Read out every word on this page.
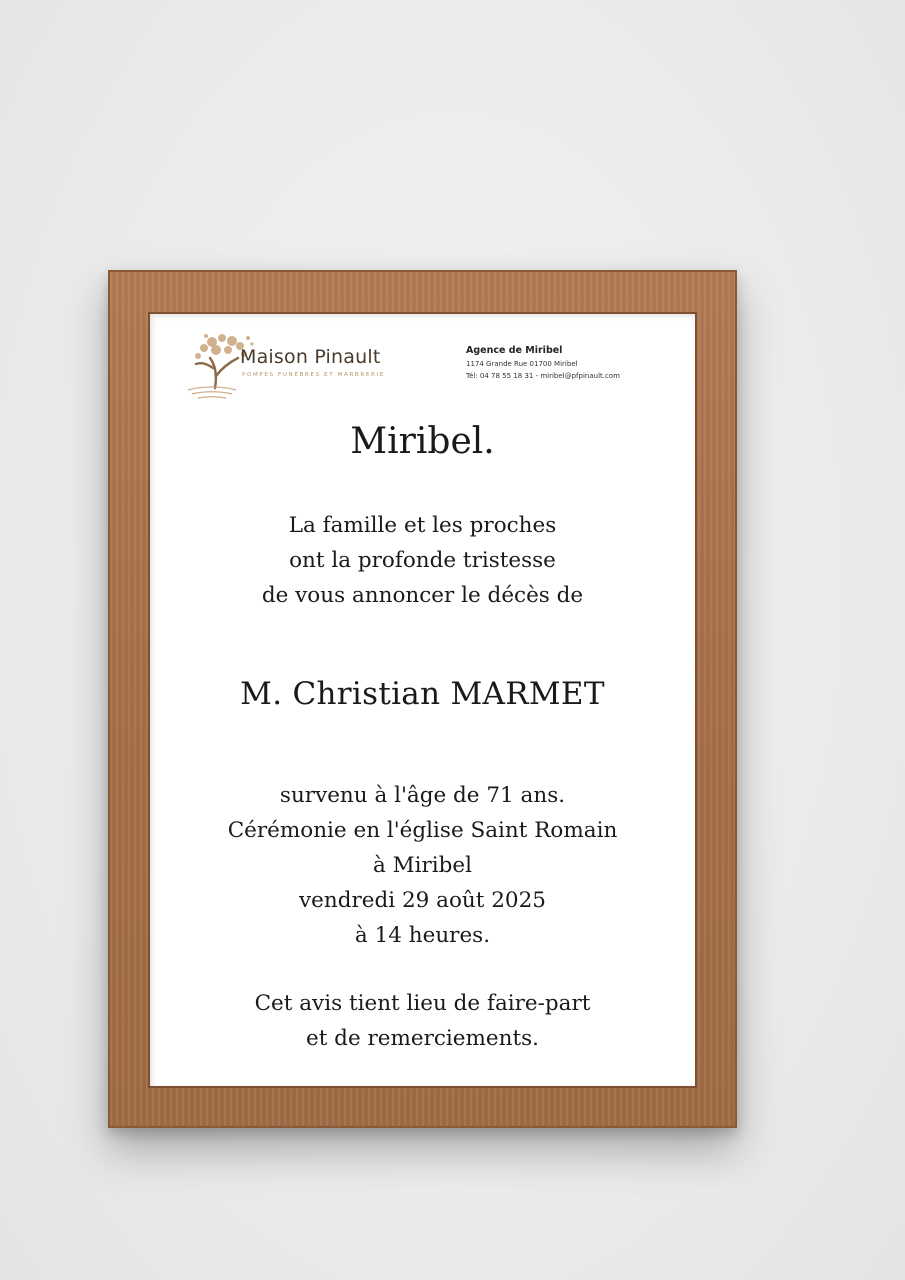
Maison Pinault
POMPES FUNÈBRES ET MARBRERIE
Agence de Miribel
1174 Grande Rue 01700 Miribel
Tél: 04 78 55 18 31 - miribel@pfpinault.com
Miribel.
La famille et les proches
ont la profonde tristesse
de vous annoncer le décès de
M. Christian MARMET
survenu à l'âge de 71 ans.
Cérémonie en l'église Saint Romain
à Miribel
vendredi 29 août 2025
à 14 heures.
Cet avis tient lieu de faire-part
et de remerciements.
